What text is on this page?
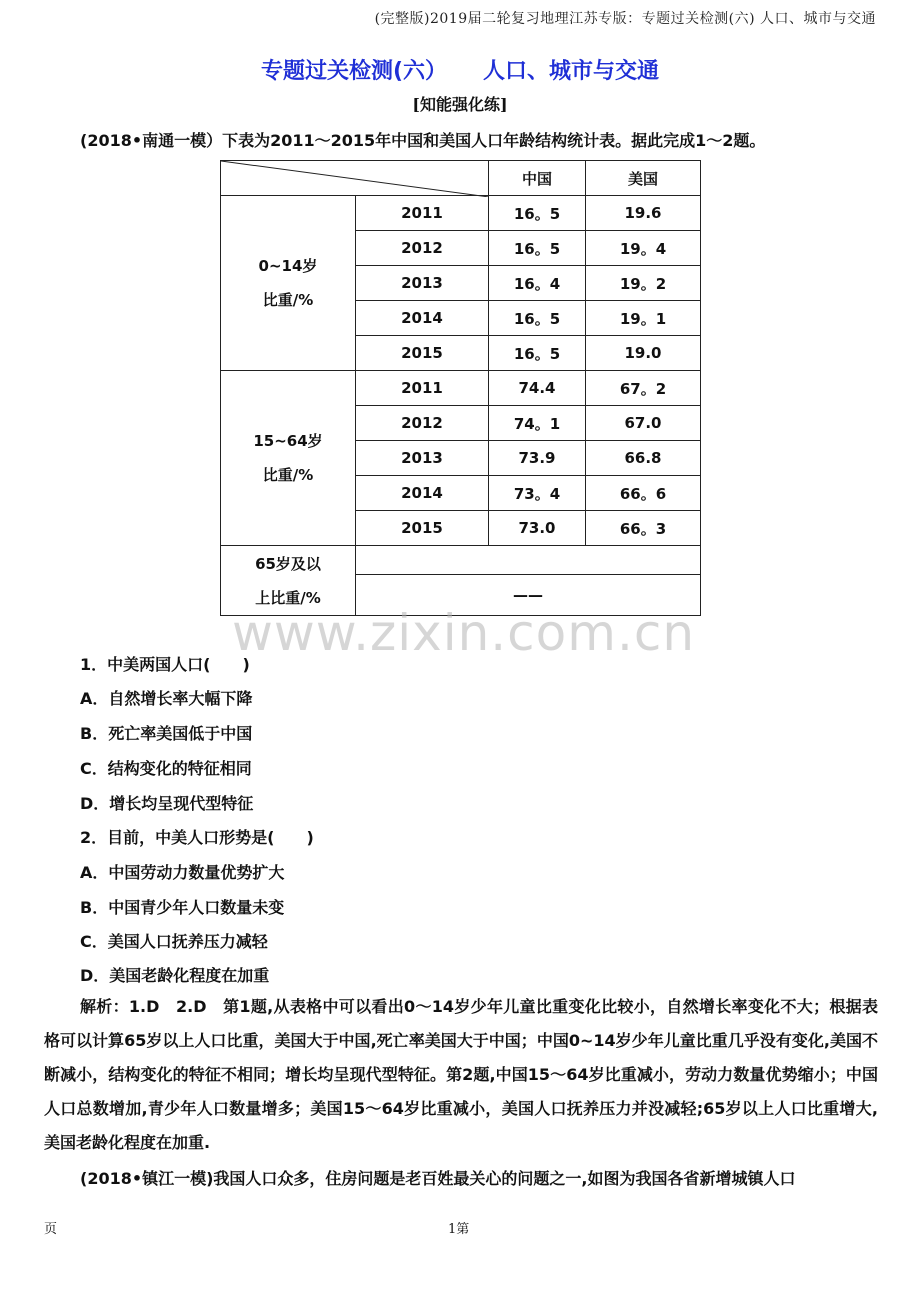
(完整版)2019届二轮复习地理江苏专版：专题过关检测(六) 人口、城市与交通
专题过关检测(六） 人口、城市与交通
[知能强化练]
(2018•南通一模）下表为2011～2015年中国和美国人口年龄结构统计表。据此完成1～2题。
	中国	美国

0~14岁
比重/%	2011	16。5	19.6
	2012	16。5	19。4
	2013	16。4	19。2
	2014	16。5	19。1
	2015	16。5	19.0

15~64岁
比重/%	2011	74.4	67。2
	2012	74。1	67.0
	2013	73.9	66.8
	2014	73。4	66。6
	2015	73.0	66。3

65岁及以
上比重/%			

	——		
www.zixin.com.cn
1．中美两国人口(　　)
A．自然增长率大幅下降
B．死亡率美国低于中国
C．结构变化的特征相同
D．增长均呈现代型特征
2．目前，中美人口形势是(　　)
A．中国劳动力数量优势扩大
B．中国青少年人口数量未变
C．美国人口抚养压力减轻
D．美国老龄化程度在加重
解析：1.D　2.D　第1题,从表格中可以看出0～14岁少年儿童比重变化比较小，自然增长率变化不大；根据表格可以计算65岁以上人口比重，美国大于中国,死亡率美国大于中国；中国0~14岁少年儿童比重几乎没有变化,美国不断减小，结构变化的特征不相同；增长均呈现代型特征。第2题,中国15～64岁比重减小，劳动力数量优势缩小；中国人口总数增加,青少年人口数量增多；美国15～64岁比重减小，美国人口抚养压力并没减轻;65岁以上人口比重增大,美国老龄化程度在加重.
(2018•镇江一模)我国人口众多，住房问题是老百姓最关心的问题之一,如图为我国各省新增城镇人口
页	1第
